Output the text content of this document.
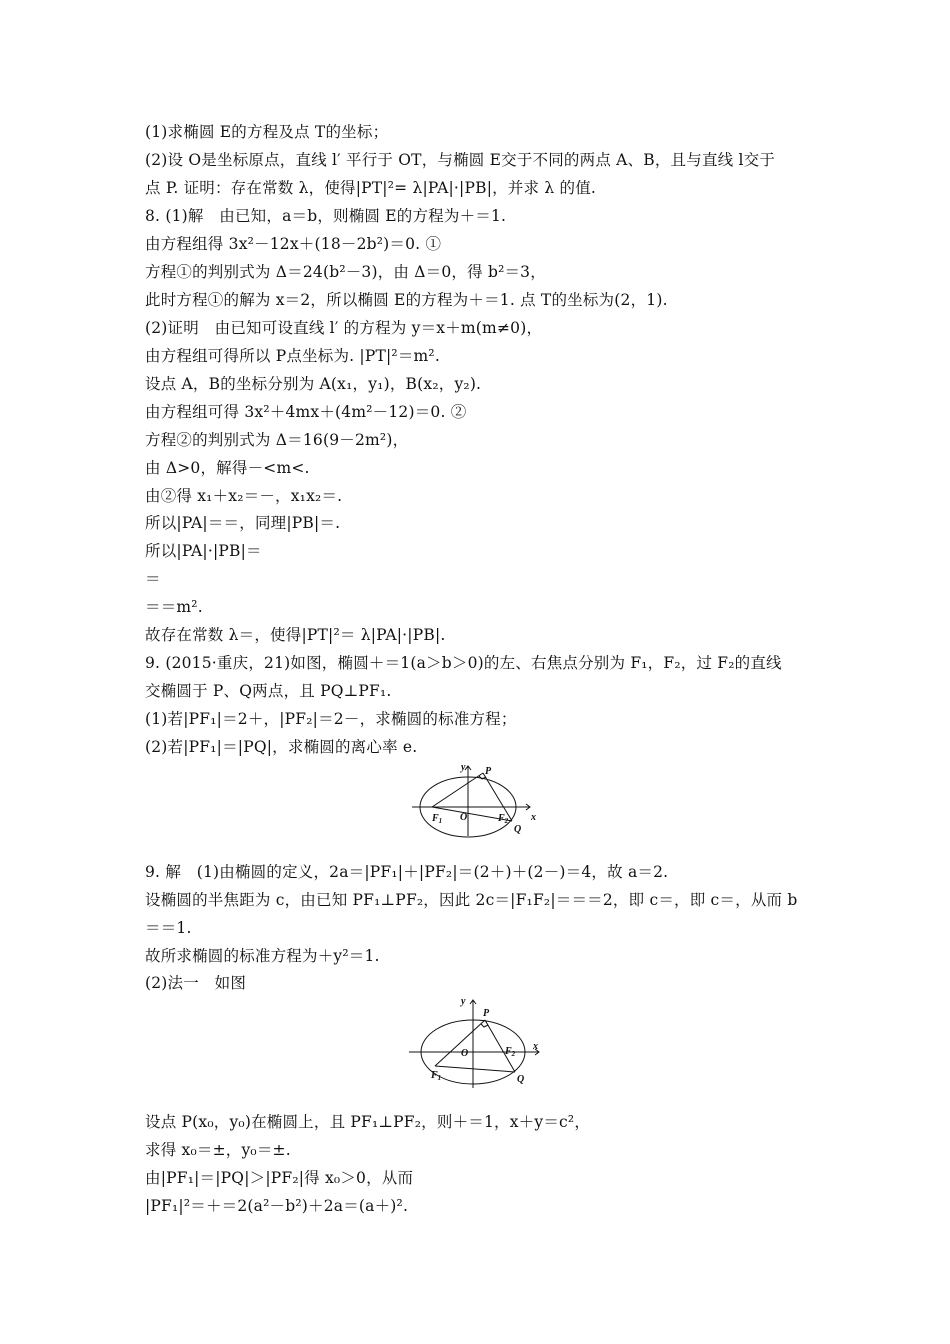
(1)求椭圆 E的方程及点 T的坐标；
(2)设 O是坐标原点，直线 l′ 平行于 OT，与椭圆 E交于不同的两点 A、B，且与直线 l交于
点 P. 证明：存在常数 λ，使得|PT|²= λ|PA|·|PB|，并求 λ 的值.
8. (1)解　由已知，a＝b，则椭圆 E的方程为＋＝1.
由方程组得 3x²－12x＋(18－2b²)＝0. ①
方程①的判别式为 Δ＝24(b²－3)，由 Δ＝0，得 b²＝3，
此时方程①的解为 x＝2，所以椭圆 E的方程为＋＝1. 点 T的坐标为(2，1).
(2)证明　由已知可设直线 l′ 的方程为 y＝x＋m(m≠0)，
由方程组可得所以 P点坐标为. |PT|²＝m².
设点 A，B的坐标分别为 A(x₁，y₁)，B(x₂，y₂).
由方程组可得 3x²＋4mx＋(4m²－12)＝0. ②
方程②的判别式为 Δ＝16(9－2m²)，
由 Δ>0，解得－<m<.
由②得 x₁＋x₂＝－，x₁x₂＝.
所以|PA|＝＝，同理|PB|＝.
所以|PA|·|PB|＝
＝
＝＝m².
故存在常数 λ＝，使得|PT|²＝ λ|PA|·|PB|.
9. (2015·重庆，21)如图，椭圆＋＝1(a＞b＞0)的左、右焦点分别为 F₁，F₂，过 F₂的直线
交椭圆于 P、Q两点，且 PQ⊥PF₁.
(1)若|PF₁|＝2＋，|PF₂|＝2－，求椭圆的标准方程；
(2)若|PF₁|＝|PQ|，求椭圆的离心率 e.
y
x
P
O
$F_1$	$F_2$
Q
9. 解　(1)由椭圆的定义，2a＝|PF₁|＋|PF₂|＝(2＋)＋(2－)＝4，故 a＝2.
设椭圆的半焦距为 c，由已知 PF₁⊥PF₂，因此 2c＝|F₁F₂|＝＝＝2，即 c＝，即 c＝，从而 b
＝＝1.
故所求椭圆的标准方程为＋y²＝1.
(2)法一　如图
y
x
P
O
$F_1$
$F_2$
Q
设点 P(x₀，y₀)在椭圆上，且 PF₁⊥PF₂，则＋＝1，x＋y＝c²，
求得 x₀＝±，y₀＝±.
由|PF₁|＝|PQ|＞|PF₂|得 x₀＞0，从而
|PF₁|²＝＋＝2(a²－b²)＋2a＝(a＋)².
